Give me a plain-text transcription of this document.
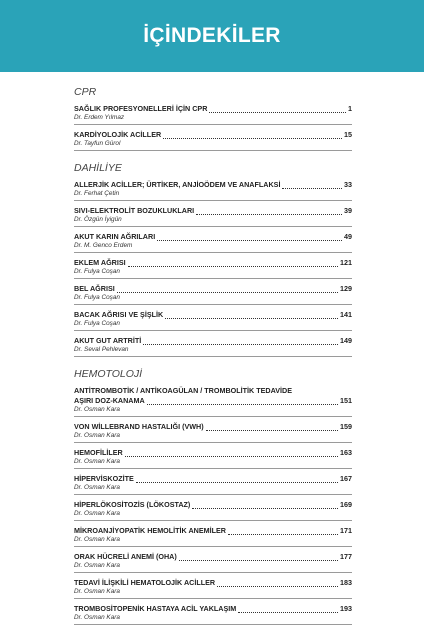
İÇİNDEKİLER
CPR
SAĞLIK PROFESYONELLERİ İÇİN CPR	1
Dr. Erdem Yılmaz
KARDİYOLOJİK ACİLLER	15
Dr. Tayfun Gürol
DAHİLİYE
ALLERJİK ACİLLER; ÜRTİKER, ANJİOÖDEM VE ANAFLAKSİ	33
Dr. Ferhat Çetin
SIVI-ELEKTROLİT BOZUKLUKLARI	39
Dr. Özgün İyigün
AKUT KARIN AĞRILARI	49
Dr. M. Genco Erdem
EKLEM AĞRISI	121
Dr. Fulya Coşan
BEL AĞRISI	129
Dr. Fulya Coşan
BACAK AĞRISI VE ŞİŞLİK	141
Dr. Fulya Coşan
AKUT GUT ARTRİTİ	149
Dr. Seval Pehlevan
HEMOTOLOJİ
ANTİTROMBOTİK / ANTİKOAGÜLAN / TROMBOLİTİK TEDAVİDE
AŞIRI DOZ-KANAMA	151
Dr. Osman Kara
VON WİLLEBRAND HASTALIĞI (VWH)	159
Dr. Osman Kara
HEMOFİLİLER	163
Dr. Osman Kara
HİPERVİSKOZİTE	167
Dr. Osman Kara
HİPERLÖKOSİTOZİS (LÖKOSTAZ)	169
Dr. Osman Kara
MİKROANJİYOPATİK HEMOLİTİK ANEMİLER	171
Dr. Osman Kara
ORAK HÜCRELİ ANEMİ (OHA)	177
Dr. Osman Kara
TEDAVİ İLİŞKİLİ HEMATOLOJİK ACİLLER	183
Dr. Osman Kara
TROMBOSİTOPENİK HASTAYA ACİL YAKLAŞIM	193
Dr. Osman Kara
